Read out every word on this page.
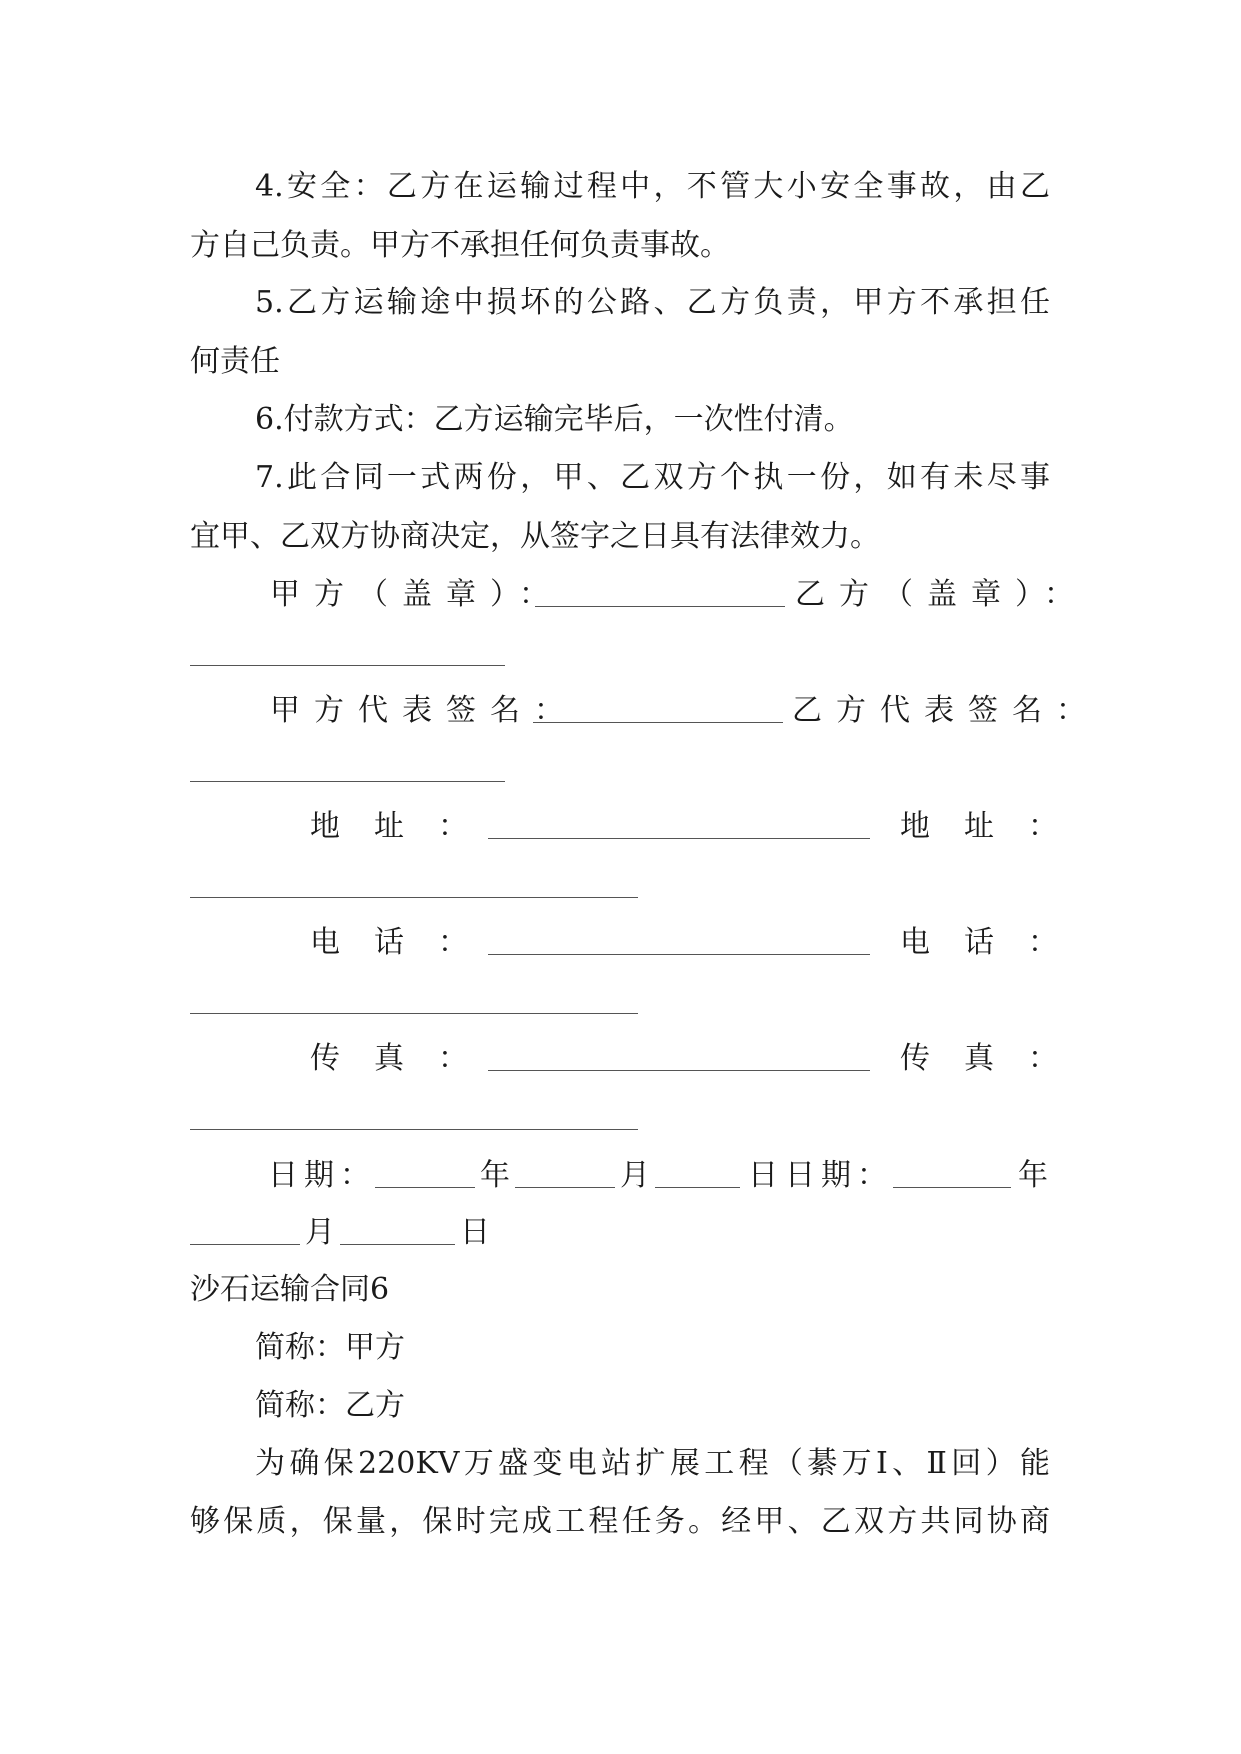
4.安全：乙方在运输过程中，不管大小安全事故，由乙
方自己负责。甲方不承担任何负责事故。
5.乙方运输途中损坏的公路、乙方负责，甲方不承担任
何责任
6.付款方式：乙方运输完毕后，一次性付清。
7.此合同一式两份，甲、乙双方个执一份，如有未尽事
宜甲、乙双方协商决定，从签字之日具有法律效力。
甲方（盖章）：	乙方（盖章）：
甲方代表签名：	乙方代表签名：
地址：	地址：
电话：	电话：
传真：	传真：
日期：	年	月	日 日期：	年
月	日
沙石运输合同6
简称：甲方
简称：乙方
为确保220KV万盛变电站扩展工程（綦万Ⅰ、Ⅱ回）能
够保质，保量，保时完成工程任务。经甲、乙双方共同协商
